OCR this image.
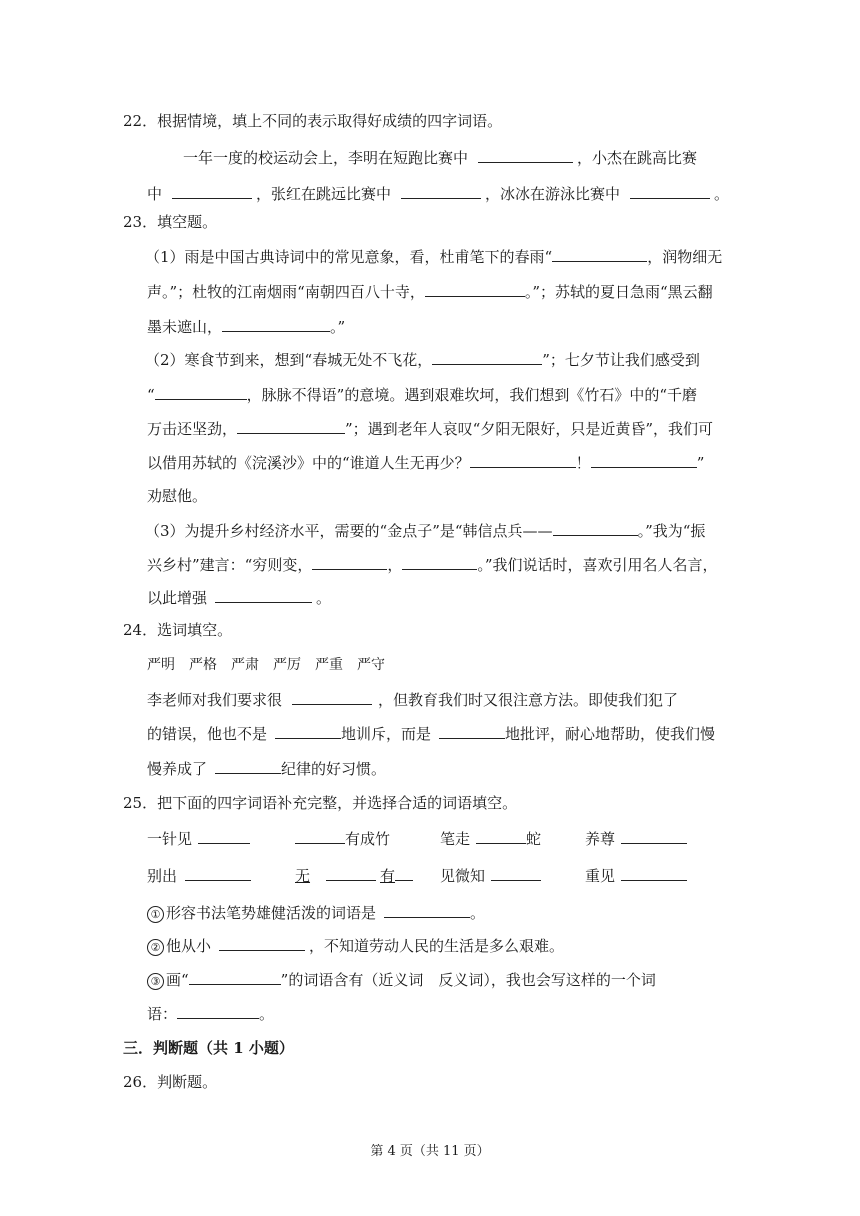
22．根据情境，填上不同的表示取得好成绩的四字词语。
一年一度的校运动会上，李明在短跑比赛中	，小杰在跳高比赛
中	，张红在跳远比赛中	，冰冰在游泳比赛中	。
23．填空题。
（1）雨是中国古典诗词中的常见意象，看，杜甫笔下的春雨“	，润物细无
声。”；杜牧的江南烟雨“南朝四百八十寺，	。”；苏轼的夏日急雨“黑云翻
墨未遮山，	。”
（2）寒食节到来，想到“春城无处不飞花，	”；七夕节让我们感受到
“	，脉脉不得语”的意境。遇到艰难坎坷，我们想到《竹石》中的“千磨
万击还坚劲，	”；遇到老年人哀叹“夕阳无限好，只是近黄昏”，我们可
以借用苏轼的《浣溪沙》中的“谁道人生无再少？	！	”
劝慰他。
（3）为提升乡村经济水平，需要的“金点子”是“韩信点兵——	。”我为“振
兴乡村”建言：“穷则变，	，	。”我们说话时，喜欢引用名人名言，
以此增强	。
24．选词填空。
严明　严格　严肃　严厉　严重　严守
李老师对我们要求很	，但教育我们时又很注意方法。即使我们犯了
的错误，他也不是	地训斥，而是	地批评，耐心地帮助，使我们慢
慢养成了	纪律的好习惯。
25．把下面的四字词语补充完整，并选择合适的词语填空。
一针见	有成竹	笔走	蛇	养尊
别出	无	有	见微知	重见
① 形容书法笔势雄健活泼的词语是	。
② 他从小	，不知道劳动人民的生活是多么艰难。
③ 画“	”的词语含有（近义词　反义词），我也会写这样的一个词
语：	。
三．判断题（共 1 小题）
26．判断题。
第 4 页（共 11 页）
